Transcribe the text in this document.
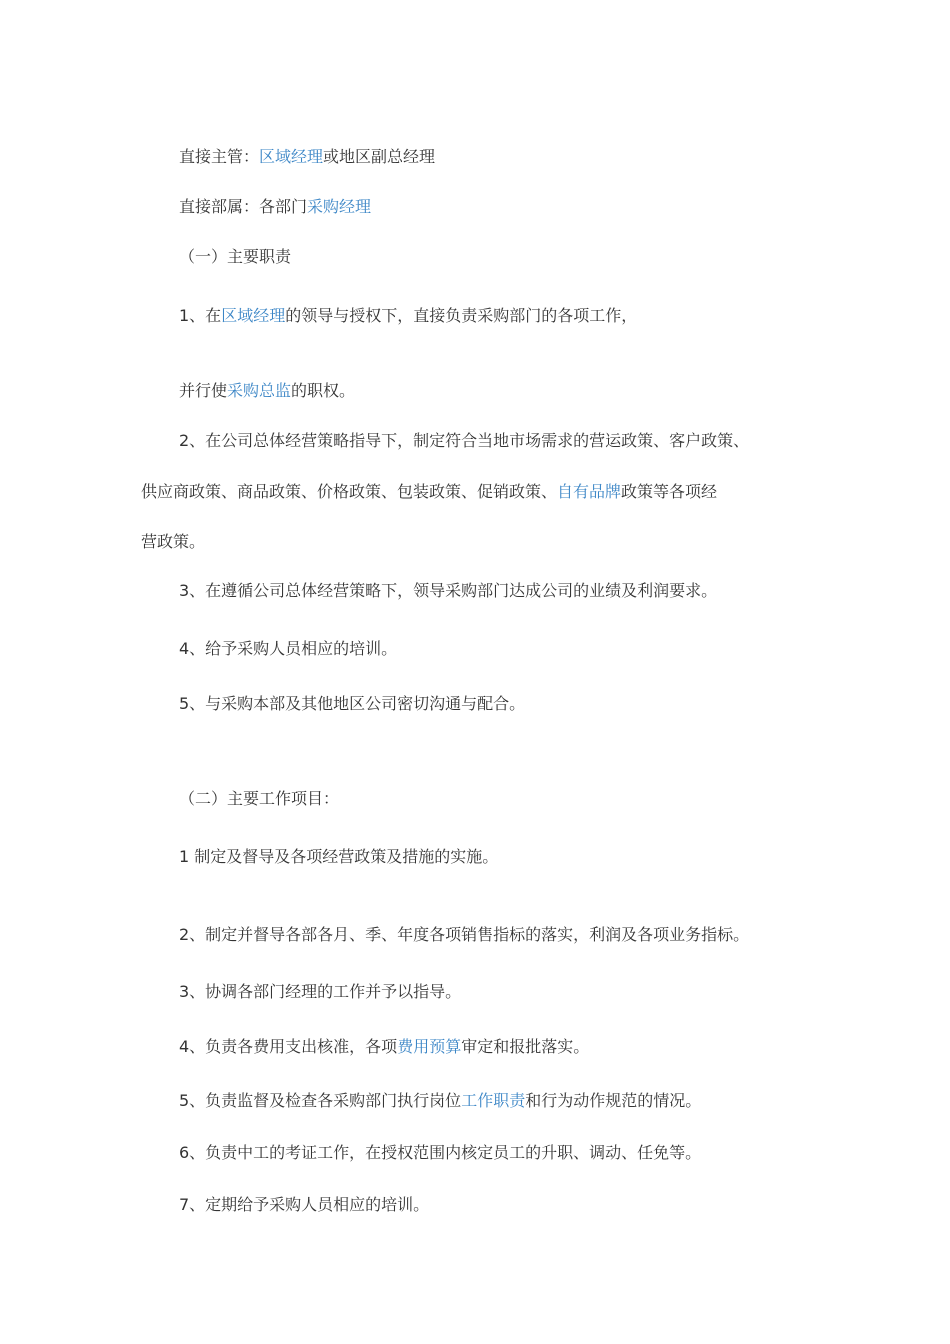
直接主管：区域经理或地区副总经理
直接部属：各部门采购经理
（一）主要职责
1、在区域经理的领导与授权下，直接负责采购部门的各项工作，
并行使采购总监的职权。
2、在公司总体经营策略指导下，制定符合当地市场需求的营运政策、客户政策、
供应商政策、商品政策、价格政策、包装政策、促销政策、自有品牌政策等各项经
营政策。
3、在遵循公司总体经营策略下，领导采购部门达成公司的业绩及利润要求。
4、给予采购人员相应的培训。
5、与采购本部及其他地区公司密切沟通与配合。
（二）主要工作项目：
1 制定及督导及各项经营政策及措施的实施。
2、制定并督导各部各月、季、年度各项销售指标的落实，利润及各项业务指标。
3、协调各部门经理的工作并予以指导。
4、负责各费用支出核准，各项费用预算审定和报批落实。
5、负责监督及检查各采购部门执行岗位工作职责和行为动作规范的情况。
6、负责中工的考证工作，在授权范围内核定员工的升职、调动、任免等。
7、定期给予采购人员相应的培训。
